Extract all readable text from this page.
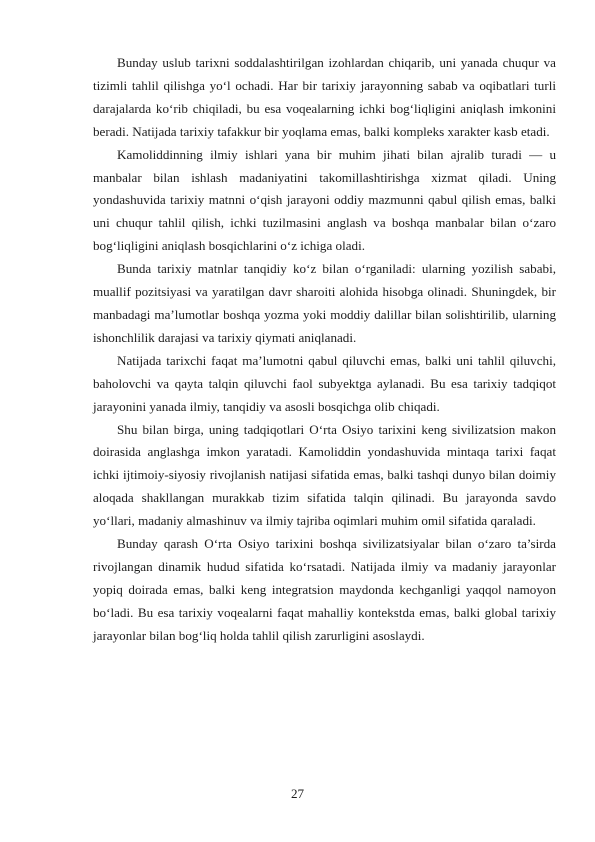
Bunday uslub tarixni soddalashtirilgan izohlardan chiqarib, uni yanada chuqur va tizimli tahlil qilishga yo‘l ochadi. Har bir tarixiy jarayonning sabab va oqibatlari turli darajalarda ko‘rib chiqiladi, bu esa voqealarning ichki bog‘liqligini aniqlash imkonini beradi. Natijada tarixiy tafakkur bir yoqlama emas, balki kompleks xarakter kasb etadi.

Kamoliddinning ilmiy ishlari yana bir muhim jihati bilan ajralib turadi — u manbalar bilan ishlash madaniyatini takomillashtirishga xizmat qiladi. Uning yondashuvida tarixiy matnni o‘qish jarayoni oddiy mazmunni qabul qilish emas, balki uni chuqur tahlil qilish, ichki tuzilmasini anglash va boshqa manbalar bilan o‘zaro bog‘liqligini aniqlash bosqichlarini o‘z ichiga oladi.

Bunda tarixiy matnlar tanqidiy ko‘z bilan o‘rganiladi: ularning yozilish sababi, muallif pozitsiyasi va yaratilgan davr sharoiti alohida hisobga olinadi. Shuningdek, bir manbadagi ma’lumotlar boshqa yozma yoki moddiy dalillar bilan solishtirilib, ularning ishonchlilik darajasi va tarixiy qiymati aniqlanadi.

Natijada tarixchi faqat ma’lumotni qabul qiluvchi emas, balki uni tahlil qiluvchi, baholovchi va qayta talqin qiluvchi faol subyektga aylanadi. Bu esa tarixiy tadqiqot jarayonini yanada ilmiy, tanqidiy va asosli bosqichga olib chiqadi.

Shu bilan birga, uning tadqiqotlari O‘rta Osiyo tarixini keng sivilizatsion makon doirasida anglashga imkon yaratadi. Kamoliddin yondashuvida mintaqa tarixi faqat ichki ijtimoiy-siyosiy rivojlanish natijasi sifatida emas, balki tashqi dunyo bilan doimiy aloqada shakllangan murakkab tizim sifatida talqin qilinadi. Bu jarayonda savdo yo‘llari, madaniy almashinuv va ilmiy tajriba oqimlari muhim omil sifatida qaraladi.

Bunday qarash O‘rta Osiyo tarixini boshqa sivilizatsiyalar bilan o‘zaro ta’sirda rivojlangan dinamik hudud sifatida ko‘rsatadi. Natijada ilmiy va madaniy jarayonlar yopiq doirada emas, balki keng integratsion maydonda kechganligi yaqqol namoyon bo‘ladi. Bu esa tarixiy voqealarni faqat mahalliy kontekstda emas, balki global tarixiy jarayonlar bilan bog‘liq holda tahlil qilish zarurligini asoslaydi.

27
